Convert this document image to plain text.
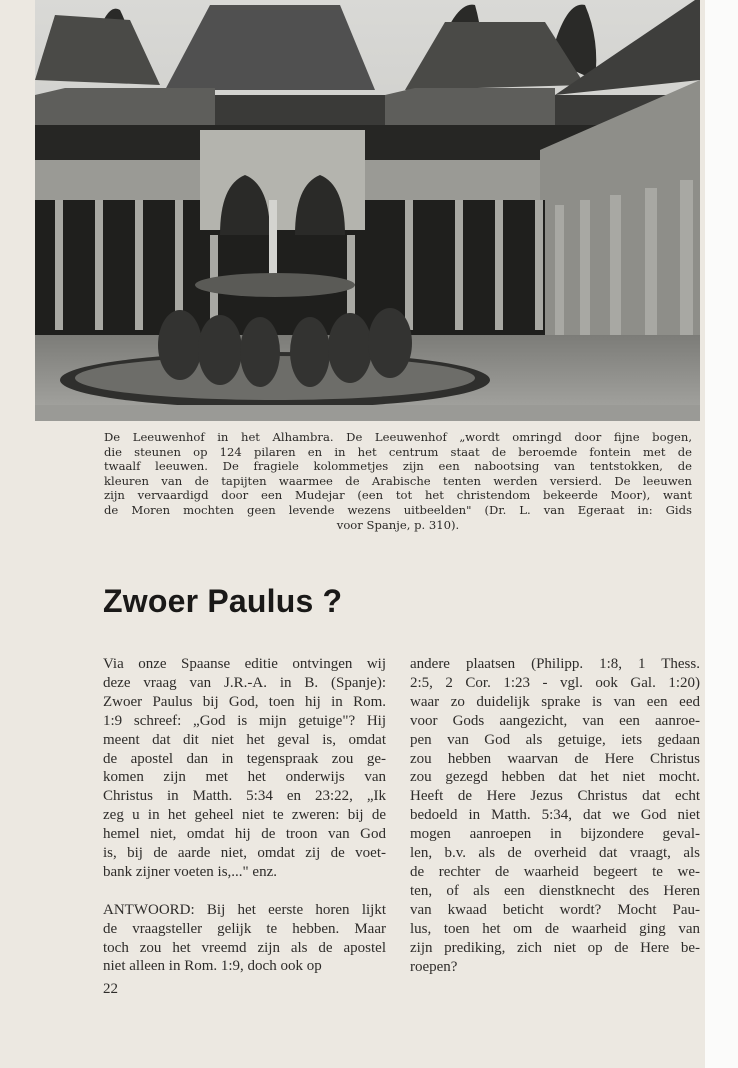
De Leeuwenhof in het Alhambra. De Leeuwenhof „wordt omringd door fijne bogen,
die steunen op 124 pilaren en in het centrum staat de beroemde fontein met de
twaalf leeuwen. De fragiele kolommetjes zijn een nabootsing van tentstokken, de
kleuren van de tapijten waarmee de Arabische tenten werden versierd. De leeuwen
zijn vervaardigd door een Mudejar (een tot het christendom bekeerde Moor), want
de Moren mochten geen levende wezens uitbeelden" (Dr. L. van Egeraat in: Gids
voor Spanje, p. 310).
Zwoer Paulus ?
Via onze Spaanse editie ontvingen wij
deze vraag van J.R.-A. in B. (Spanje):
Zwoer Paulus bij God, toen hij in Rom.
1:9 schreef: „God is mijn getuige"? Hij
meent dat dit niet het geval is, omdat
de apostel dan in tegenspraak zou ge-
komen zijn met het onderwijs van
Christus in Matth. 5:34 en 23:22, „Ik
zeg u in het geheel niet te zweren: bij de
hemel niet, omdat hij de troon van God
is, bij de aarde niet, omdat zij de voet-
bank zijner voeten is,..." enz.
ANTWOORD: Bij het eerste horen lijkt
de vraagsteller gelijk te hebben. Maar
toch zou het vreemd zijn als de apostel
niet alleen in Rom. 1:9, doch ook op
andere plaatsen (Philipp. 1:8, 1 Thess.
2:5, 2 Cor. 1:23 - vgl. ook Gal. 1:20)
waar zo duidelijk sprake is van een eed
voor Gods aangezicht, van een aanroe-
pen van God als getuige, iets gedaan
zou hebben waarvan de Here Christus
zou gezegd hebben dat het niet mocht.
Heeft de Here Jezus Christus dat echt
bedoeld in Matth. 5:34, dat we God niet
mogen aanroepen in bijzondere geval-
len, b.v. als de overheid dat vraagt, als
de rechter de waarheid begeert te we-
ten, of als een dienstknecht des Heren
van kwaad beticht wordt? Mocht Pau-
lus, toen het om de waarheid ging van
zijn prediking, zich niet op de Here be-
roepen?
22
